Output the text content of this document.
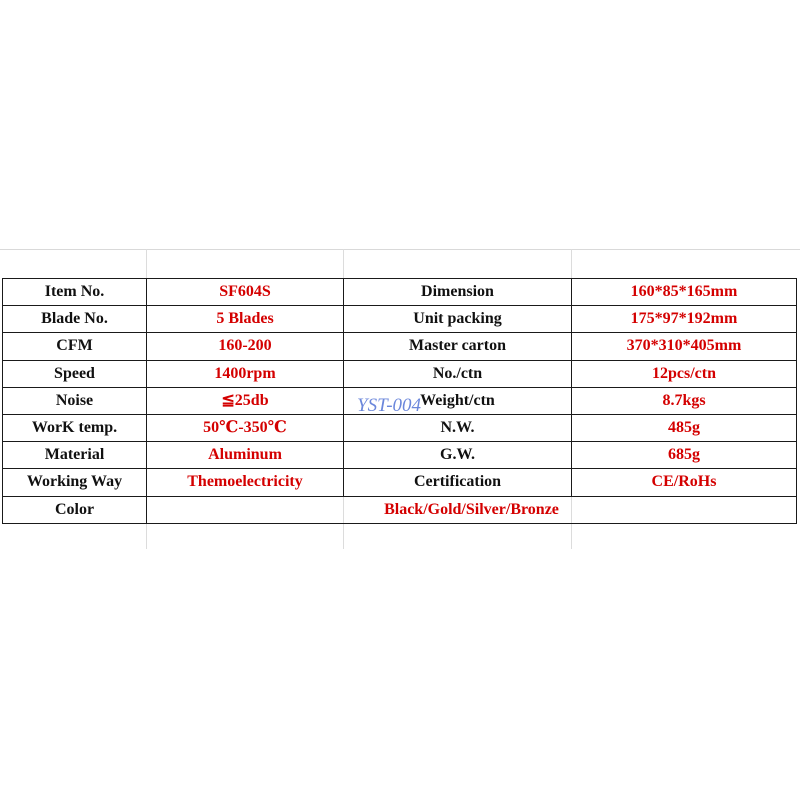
Item No.	SF604S	Dimension	160*85*165mm
Blade No.	5 Blades	Unit packing	175*97*192mm
CFM	160-200	Master carton	370*310*405mm
Speed	1400rpm	No./ctn	12pcs/ctn
Noise	≦25db	Weight/ctn	8.7kgs
WorK temp.	50℃-350℃	N.W.	485g
Material	Aluminum	G.W.	685g
Working Way	Themoelectricity	Certification	CE/RoHs
Color	Black/Gold/Silver/Bronze		
YST-004
